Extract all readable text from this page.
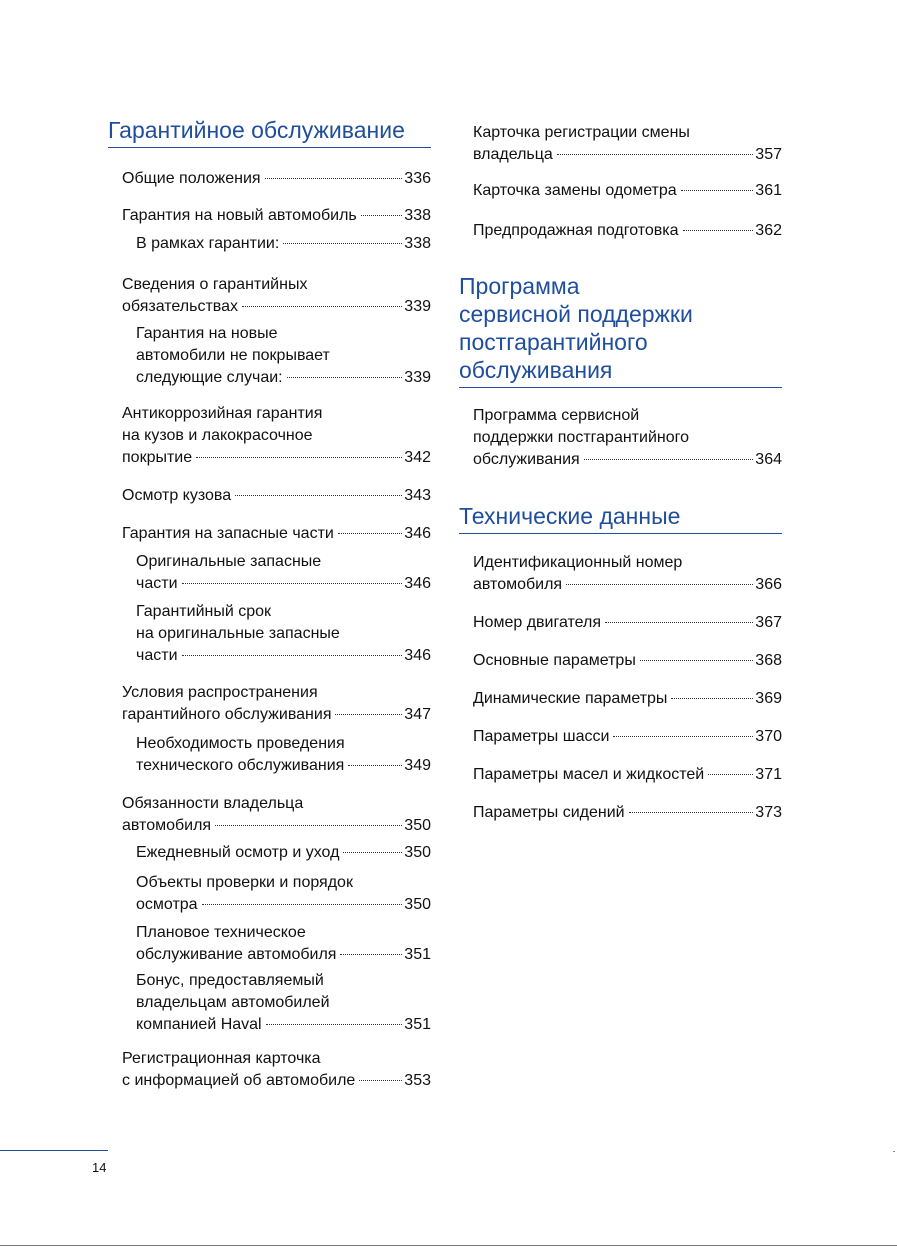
Гарантийное обслуживание
Общие положения	336
Гарантия на новый автомобиль	338
В рамках гарантии:	338
Сведения о гарантийных
обязательствах	339
Гарантия на новые
автомобили не покрывает
следующие случаи:	339
Антикоррозийная гарантия
на кузов и лакокрасочное
покрытие	342
Осмотр кузова	343
Гарантия на запасные части	346
Оригинальные запасные
части	346
Гарантийный срок
на оригинальные запасные
части	346
Условия распространения
гарантийного обслуживания	347
Необходимость проведения
технического обслуживания	349
Обязанности владельца
автомобиля	350
Ежедневный осмотр и уход	350
Объекты проверки и порядок
осмотра	350
Плановое техническое
обслуживание автомобиля	351
Бонус, предоставляемый
владельцам автомобилей
компанией Haval	351
Регистрационная карточка
с информацией об автомобиле	353
Карточка регистрации смены
владельца	357
Карточка замены одометра	361
Предпродажная подготовка	362
Программа
сервисной поддержки
постгарантийного
обслуживания
Программа сервисной
поддержки постгарантийного
обслуживания	364
Технические данные
Идентификационный номер
автомобиля	366
Номер двигателя	367
Основные параметры	368
Динамические параметры	369
Параметры шасси	370
Параметры масел и жидкостей	371
Параметры сидений	373
14
